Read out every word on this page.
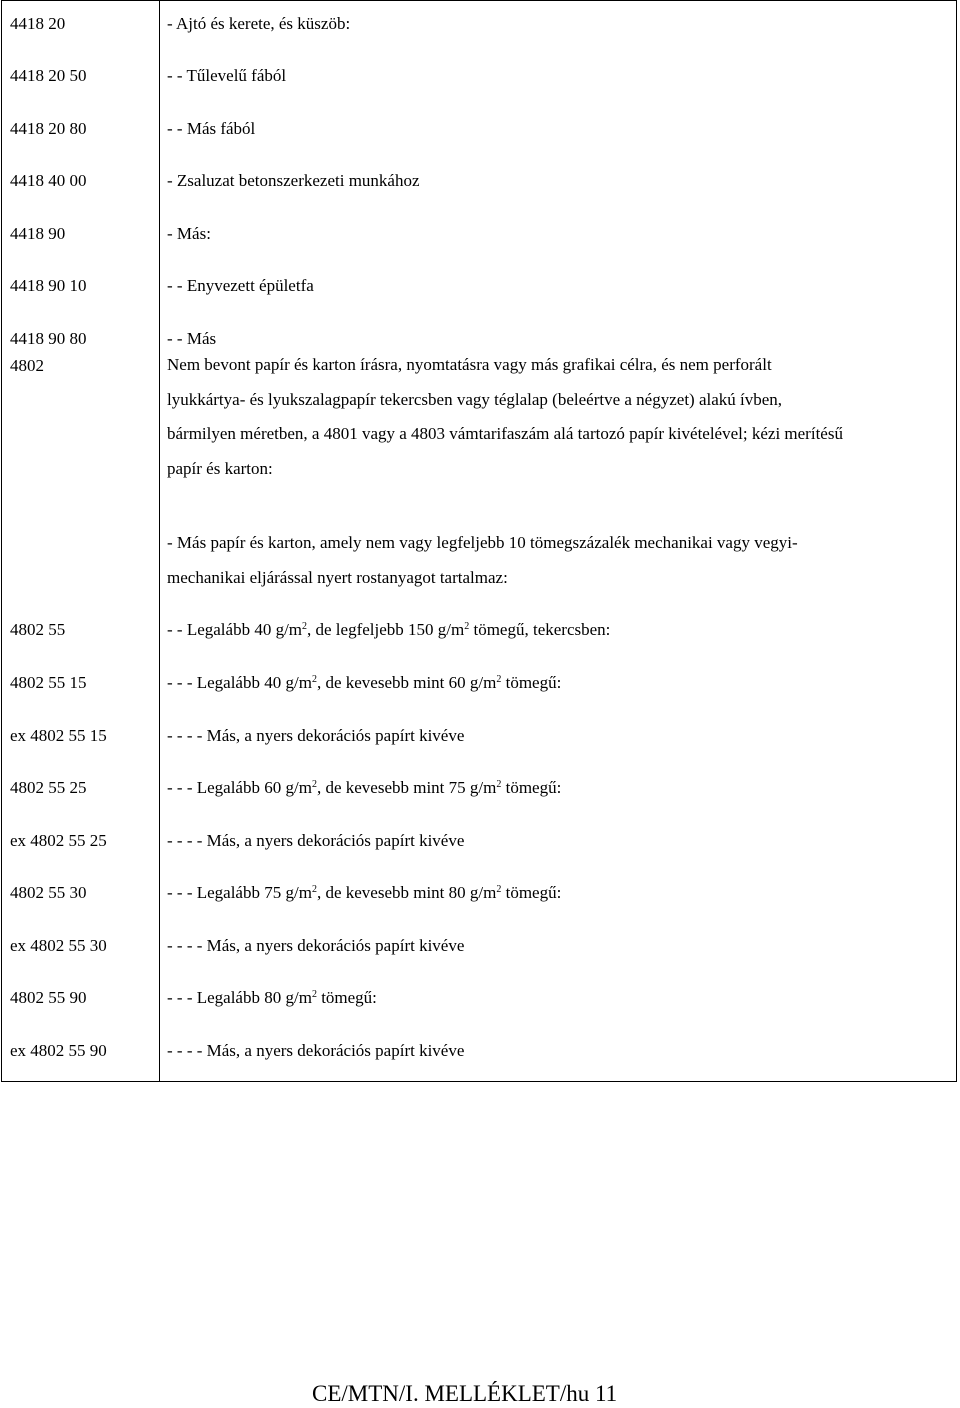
4418 20	- Ajtó és kerete, és küszöb:
4418 20 50	- - Tűlevelű fából
4418 20 80	- - Más fából
4418 40 00	- Zsaluzat betonszerkezeti munkához
4418 90	- Más:
4418 90 10	- - Enyvezett épületfa
4418 90 80	- - Más
4802	Nem bevont papír és karton írásra, nyomtatásra vagy más grafikai célra, és nem perforált
lyukkártya- és lyukszalagpapír tekercsben vagy téglalap (beleértve a négyzet) alakú ívben,
bármilyen méretben, a 4801 vagy a 4803 vámtarifaszám alá tartozó papír kivételével; kézi merítésű
papír és karton:
- Más papír és karton, amely nem vagy legfeljebb 10 tömegszázalék mechanikai vagy vegyi-
mechanikai eljárással nyert rostanyagot tartalmaz:
4802 55	- - Legalább 40 $g/m^2$, de legfeljebb 150 $g/m^2$ tömegű, tekercsben:
4802 55 15	- - - Legalább 40 $g/m^2$, de kevesebb mint 60 $g/m^2$ tömegű:
ex 4802 55 15	- - - - Más, a nyers dekorációs papírt kivéve
4802 55 25	- - - Legalább 60 $g/m^2$, de kevesebb mint 75 $g/m^2$ tömegű:
ex 4802 55 25	- - - - Más, a nyers dekorációs papírt kivéve
4802 55 30	- - - Legalább 75 $g/m^2$, de kevesebb mint 80 $g/m^2$ tömegű:
ex 4802 55 30	- - - - Más, a nyers dekorációs papírt kivéve
4802 55 90	- - - Legalább 80 $g/m^2$ tömegű:
ex 4802 55 90	- - - - Más, a nyers dekorációs papírt kivéve
CE/MTN/I. MELLÉKLET/hu 11
